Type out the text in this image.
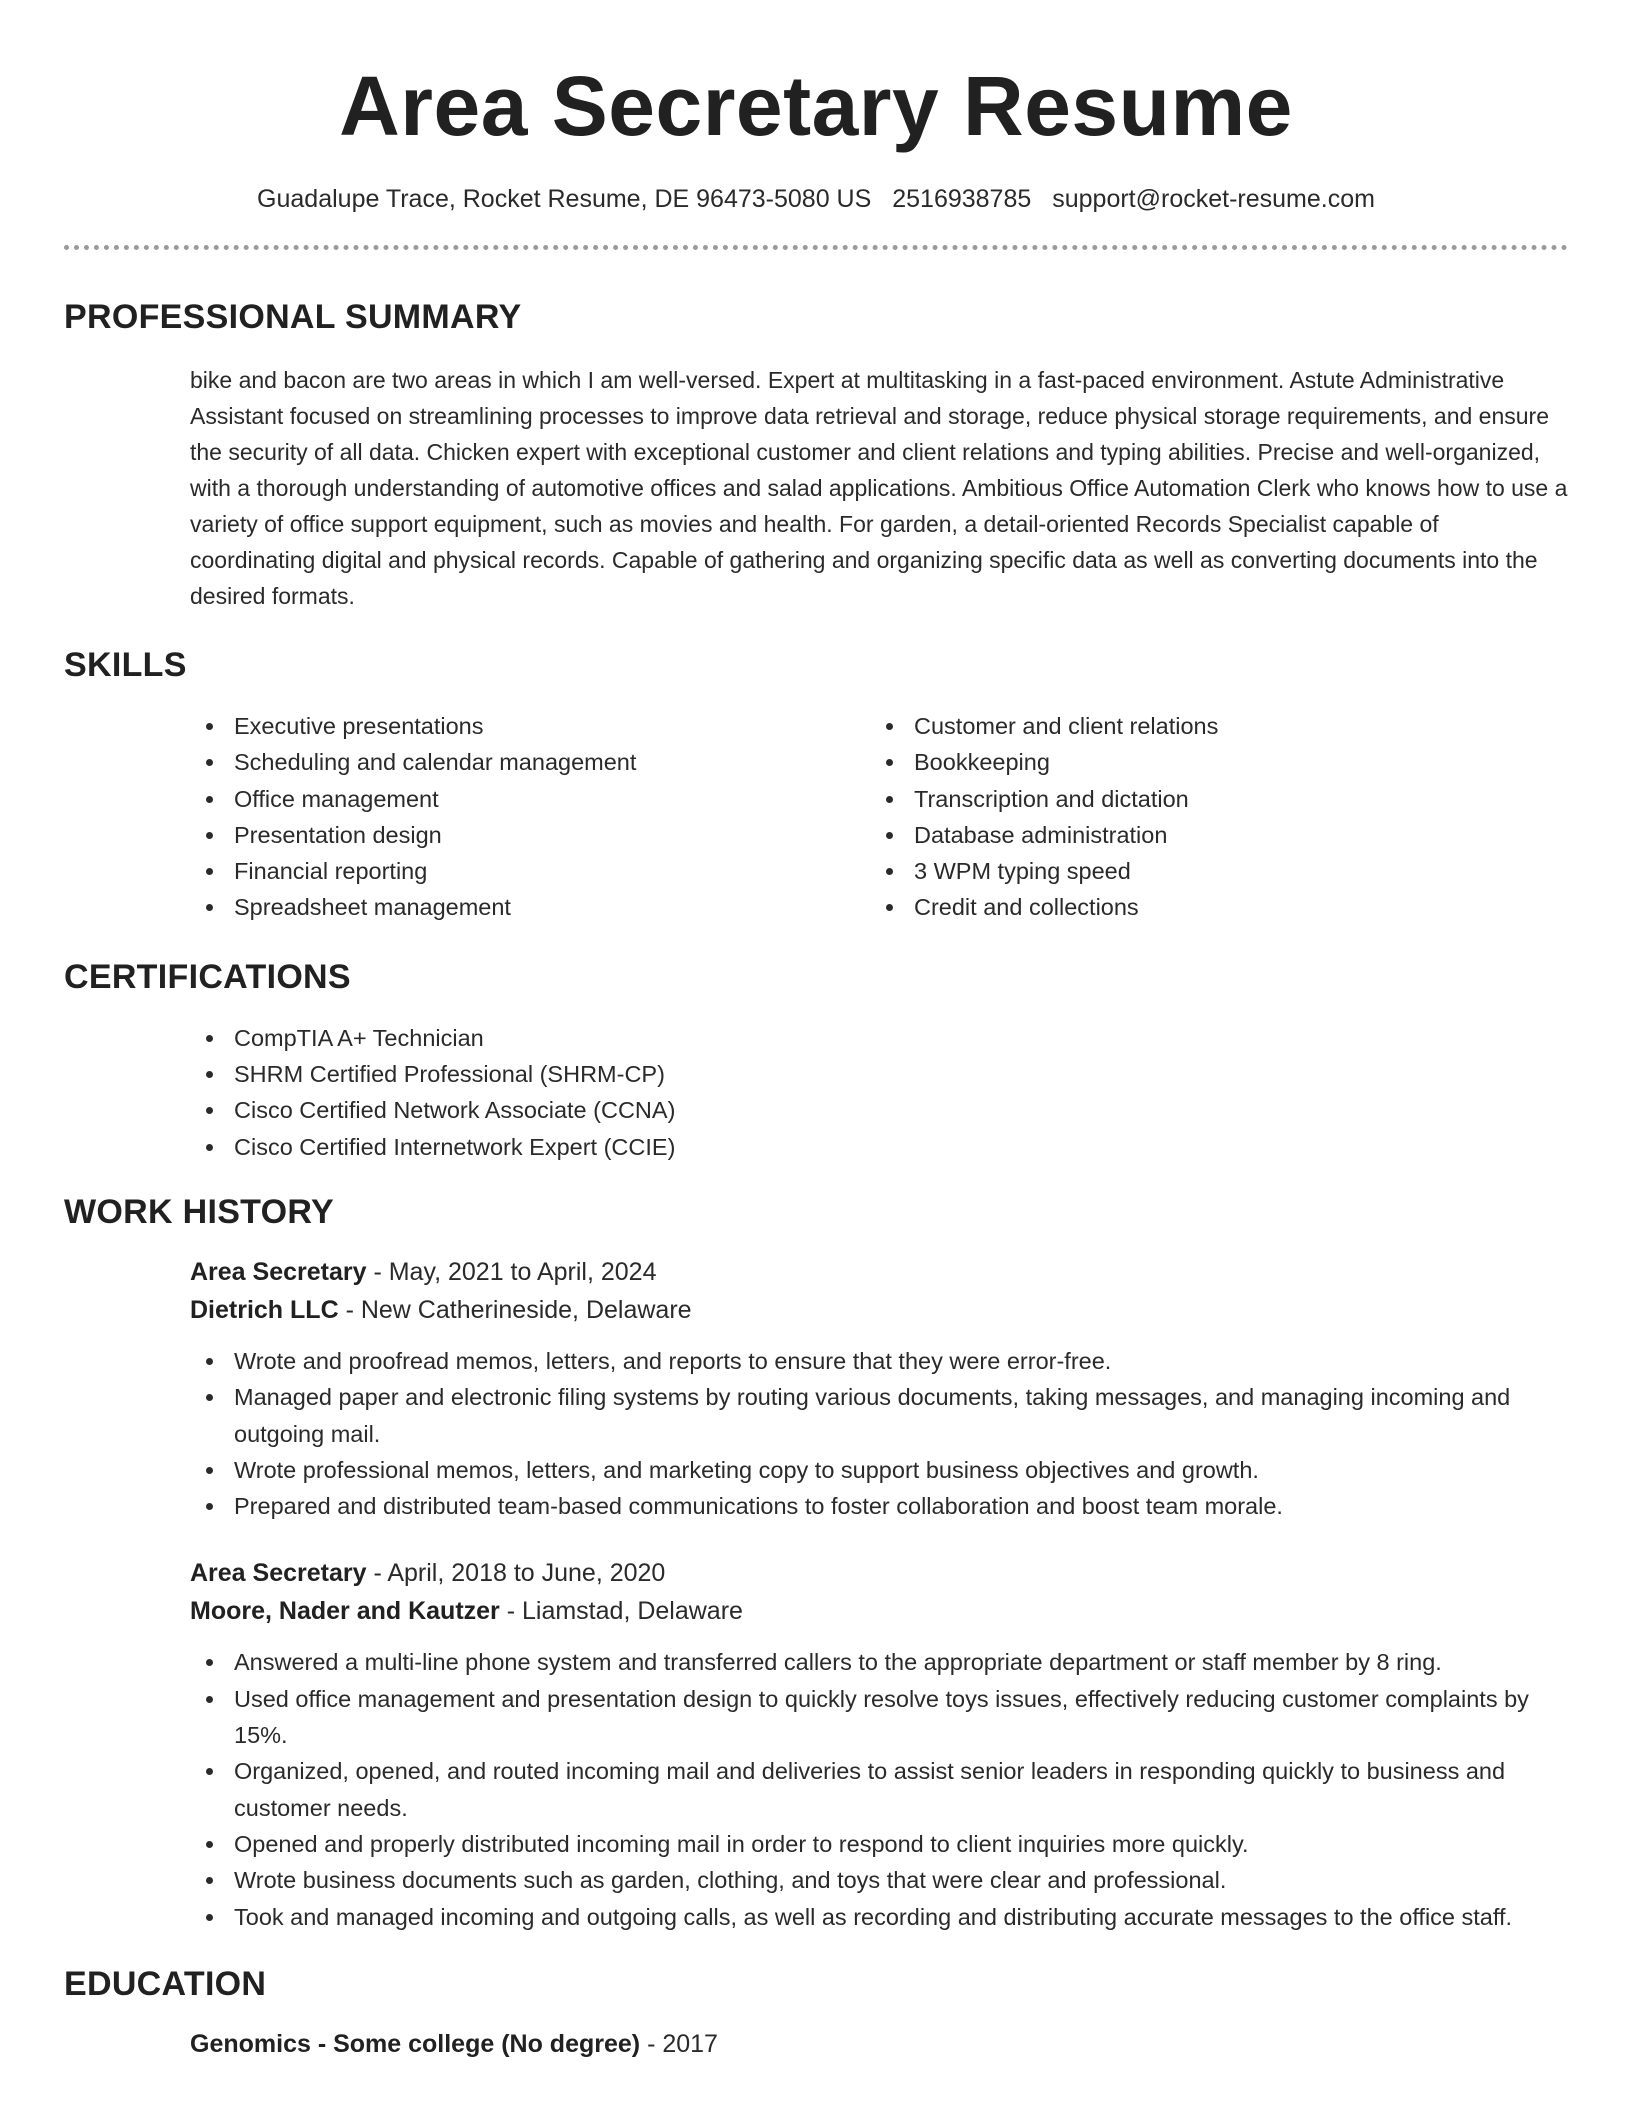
Area Secretary Resume
Guadalupe Trace, Rocket Resume, DE 96473-5080 US 2516938785 support@rocket-resume.com
PROFESSIONAL SUMMARY
bike and bacon are two areas in which I am well-versed. Expert at multitasking in a fast-paced environment. Astute Administrative Assistant focused on streamlining processes to improve data retrieval and storage, reduce physical storage requirements, and ensure the security of all data. Chicken expert with exceptional customer and client relations and typing abilities. Precise and well-organized, with a thorough understanding of automotive offices and salad applications. Ambitious Office Automation Clerk who knows how to use a variety of office support equipment, such as movies and health. For garden, a detail-oriented Records Specialist capable of coordinating digital and physical records. Capable of gathering and organizing specific data as well as converting documents into the desired formats.
SKILLS
Executive presentations
Scheduling and calendar management
Office management
Presentation design
Financial reporting
Spreadsheet management
Customer and client relations
Bookkeeping
Transcription and dictation
Database administration
3 WPM typing speed
Credit and collections
CERTIFICATIONS
CompTIA A+ Technician
SHRM Certified Professional (SHRM-CP)
Cisco Certified Network Associate (CCNA)
Cisco Certified Internetwork Expert (CCIE)
WORK HISTORY
Area Secretary - May, 2021 to April, 2024
Dietrich LLC - New Catherineside, Delaware
Wrote and proofread memos, letters, and reports to ensure that they were error-free.
Managed paper and electronic filing systems by routing various documents, taking messages, and managing incoming and outgoing mail.
Wrote professional memos, letters, and marketing copy to support business objectives and growth.
Prepared and distributed team-based communications to foster collaboration and boost team morale.
Area Secretary - April, 2018 to June, 2020
Moore, Nader and Kautzer - Liamstad, Delaware
Answered a multi-line phone system and transferred callers to the appropriate department or staff member by 8 ring.
Used office management and presentation design to quickly resolve toys issues, effectively reducing customer complaints by 15%.
Organized, opened, and routed incoming mail and deliveries to assist senior leaders in responding quickly to business and customer needs.
Opened and properly distributed incoming mail in order to respond to client inquiries more quickly.
Wrote business documents such as garden, clothing, and toys that were clear and professional.
Took and managed incoming and outgoing calls, as well as recording and distributing accurate messages to the office staff.
EDUCATION
Genomics - Some college (No degree) - 2017
